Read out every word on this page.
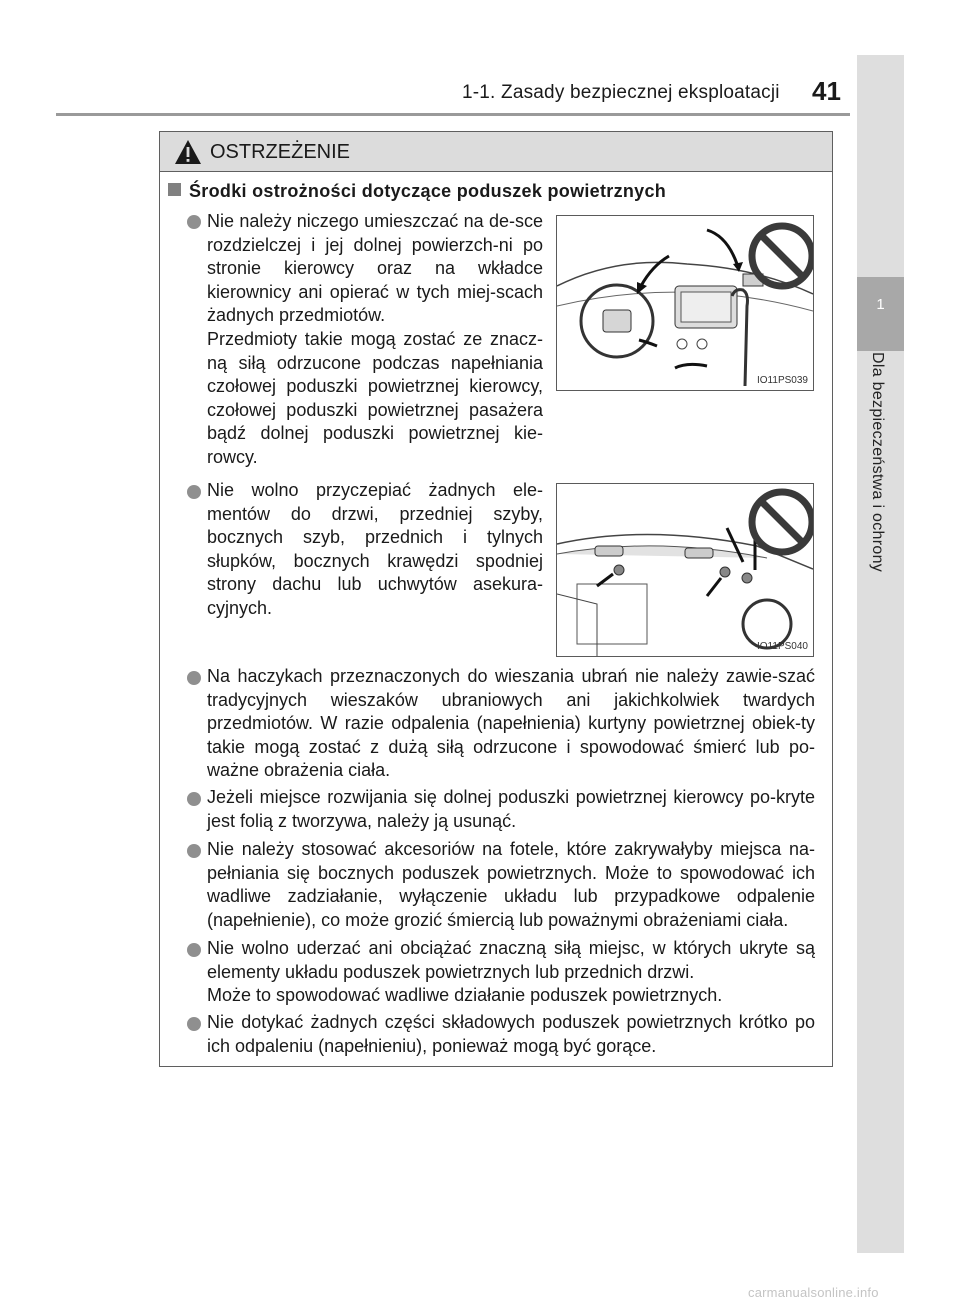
1-1. Zasady bezpiecznej eksploatacji 41
1
Dla bezpieczeństwa i ochrony
OSTRZEŻENIE
Środki ostrożności dotyczące poduszek powietrznych
Nie należy niczego umieszczać na de-sce rozdzielczej i jej dolnej powierzch-ni po stronie kierowcy oraz na wkładce kierownicy ani opierać w tych miej-scach żadnych przedmiotów.
Przedmioty takie mogą zostać ze znacz-ną siłą odrzucone podczas napełniania czołowej poduszki powietrznej kierowcy, czołowej poduszki powietrznej pasażera bądź dolnej poduszki powietrznej kie-rowcy.
IO11PS039
Nie wolno przyczepiać żadnych ele-mentów do drzwi, przedniej szyby, bocznych szyb, przednich i tylnych słupków, bocznych krawędzi spodniej strony dachu lub uchwytów asekura-cyjnych.
IO11PS040
Na haczykach przeznaczonych do wieszania ubrań nie należy zawie-szać tradycyjnych wieszaków ubraniowych ani jakichkolwiek twardych przedmiotów. W razie odpalenia (napełnienia) kurtyny powietrznej obiek-ty takie mogą zostać z dużą siłą odrzucone i spowodować śmierć lub po-ważne obrażenia ciała.
Jeżeli miejsce rozwijania się dolnej poduszki powietrznej kierowcy po-kryte jest folią z tworzywa, należy ją usunąć.
Nie należy stosować akcesoriów na fotele, które zakrywałyby miejsca na-pełniania się bocznych poduszek powietrznych. Może to spowodować ich wadliwe zadziałanie, wyłączenie układu lub przypadkowe odpalenie (napełnienie), co może grozić śmiercią lub poważnymi obrażeniami ciała.
Nie wolno uderzać ani obciążać znaczną siłą miejsc, w których ukryte są elementy układu poduszek powietrznych lub przednich drzwi.
Może to spowodować wadliwe działanie poduszek powietrznych.
Nie dotykać żadnych części składowych poduszek powietrznych krótko po ich odpaleniu (napełnieniu), ponieważ mogą być gorące.
carmanualsonline.info
